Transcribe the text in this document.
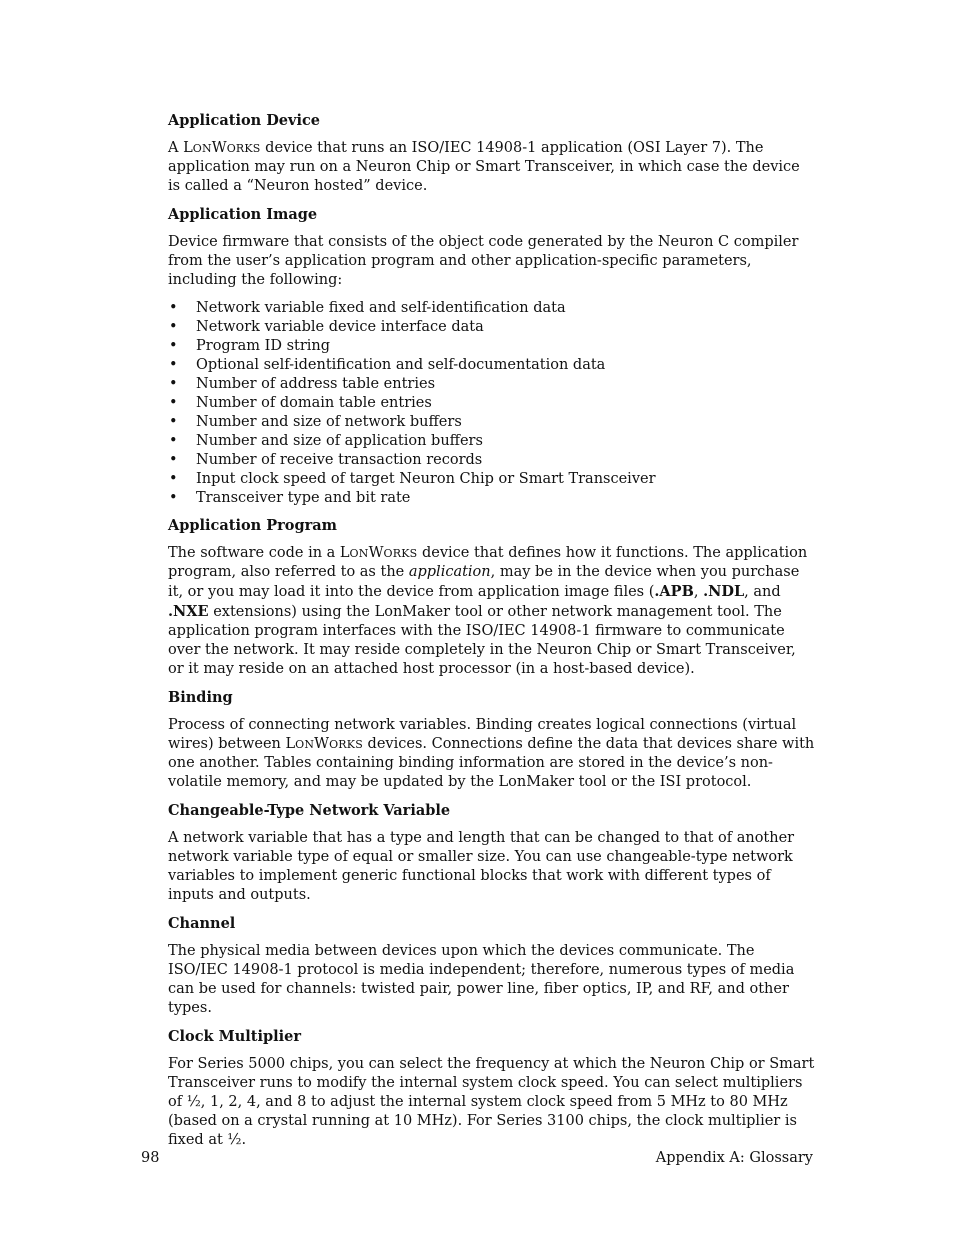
Application Device
A LONWORKS device that runs an ISO/IEC 14908-1 application (OSI Layer 7). The application may run on a Neuron Chip or Smart Transceiver, in which case the device is called a “Neuron hosted” device.
Application Image
Device firmware that consists of the object code generated by the Neuron C compiler from the user’s application program and other application-specific parameters, including the following:
• Network variable fixed and self-identification data
• Network variable device interface data
• Program ID string
• Optional self-identification and self-documentation data
• Number of address table entries
• Number of domain table entries
• Number and size of network buffers
• Number and size of application buffers
• Number of receive transaction records
• Input clock speed of target Neuron Chip or Smart Transceiver
• Transceiver type and bit rate
Application Program
The software code in a LONWORKS device that defines how it functions. The application program, also referred to as the application, may be in the device when you purchase it, or you may load it into the device from application image files (.APB, .NDL, and .NXE extensions) using the LonMaker tool or other network management tool. The application program interfaces with the ISO/IEC 14908-1 firmware to communicate over the network. It may reside completely in the Neuron Chip or Smart Transceiver, or it may reside on an attached host processor (in a host-based device).
Binding
Process of connecting network variables. Binding creates logical connections (virtual wires) between LONWORKS devices. Connections define the data that devices share with one another. Tables containing binding information are stored in the device’s non-volatile memory, and may be updated by the LonMaker tool or the ISI protocol.
Changeable-Type Network Variable
A network variable that has a type and length that can be changed to that of another network variable type of equal or smaller size. You can use changeable-type network variables to implement generic functional blocks that work with different types of inputs and outputs.
Channel
The physical media between devices upon which the devices communicate. The ISO/IEC 14908-1 protocol is media independent; therefore, numerous types of media can be used for channels: twisted pair, power line, fiber optics, IP, and RF, and other types.
Clock Multiplier
For Series 5000 chips, you can select the frequency at which the Neuron Chip or Smart Transceiver runs to modify the internal system clock speed. You can select multipliers of ½, 1, 2, 4, and 8 to adjust the internal system clock speed from 5 MHz to 80 MHz (based on a crystal running at 10 MHz). For Series 3100 chips, the clock multiplier is fixed at ½.
98	Appendix A: Glossary
